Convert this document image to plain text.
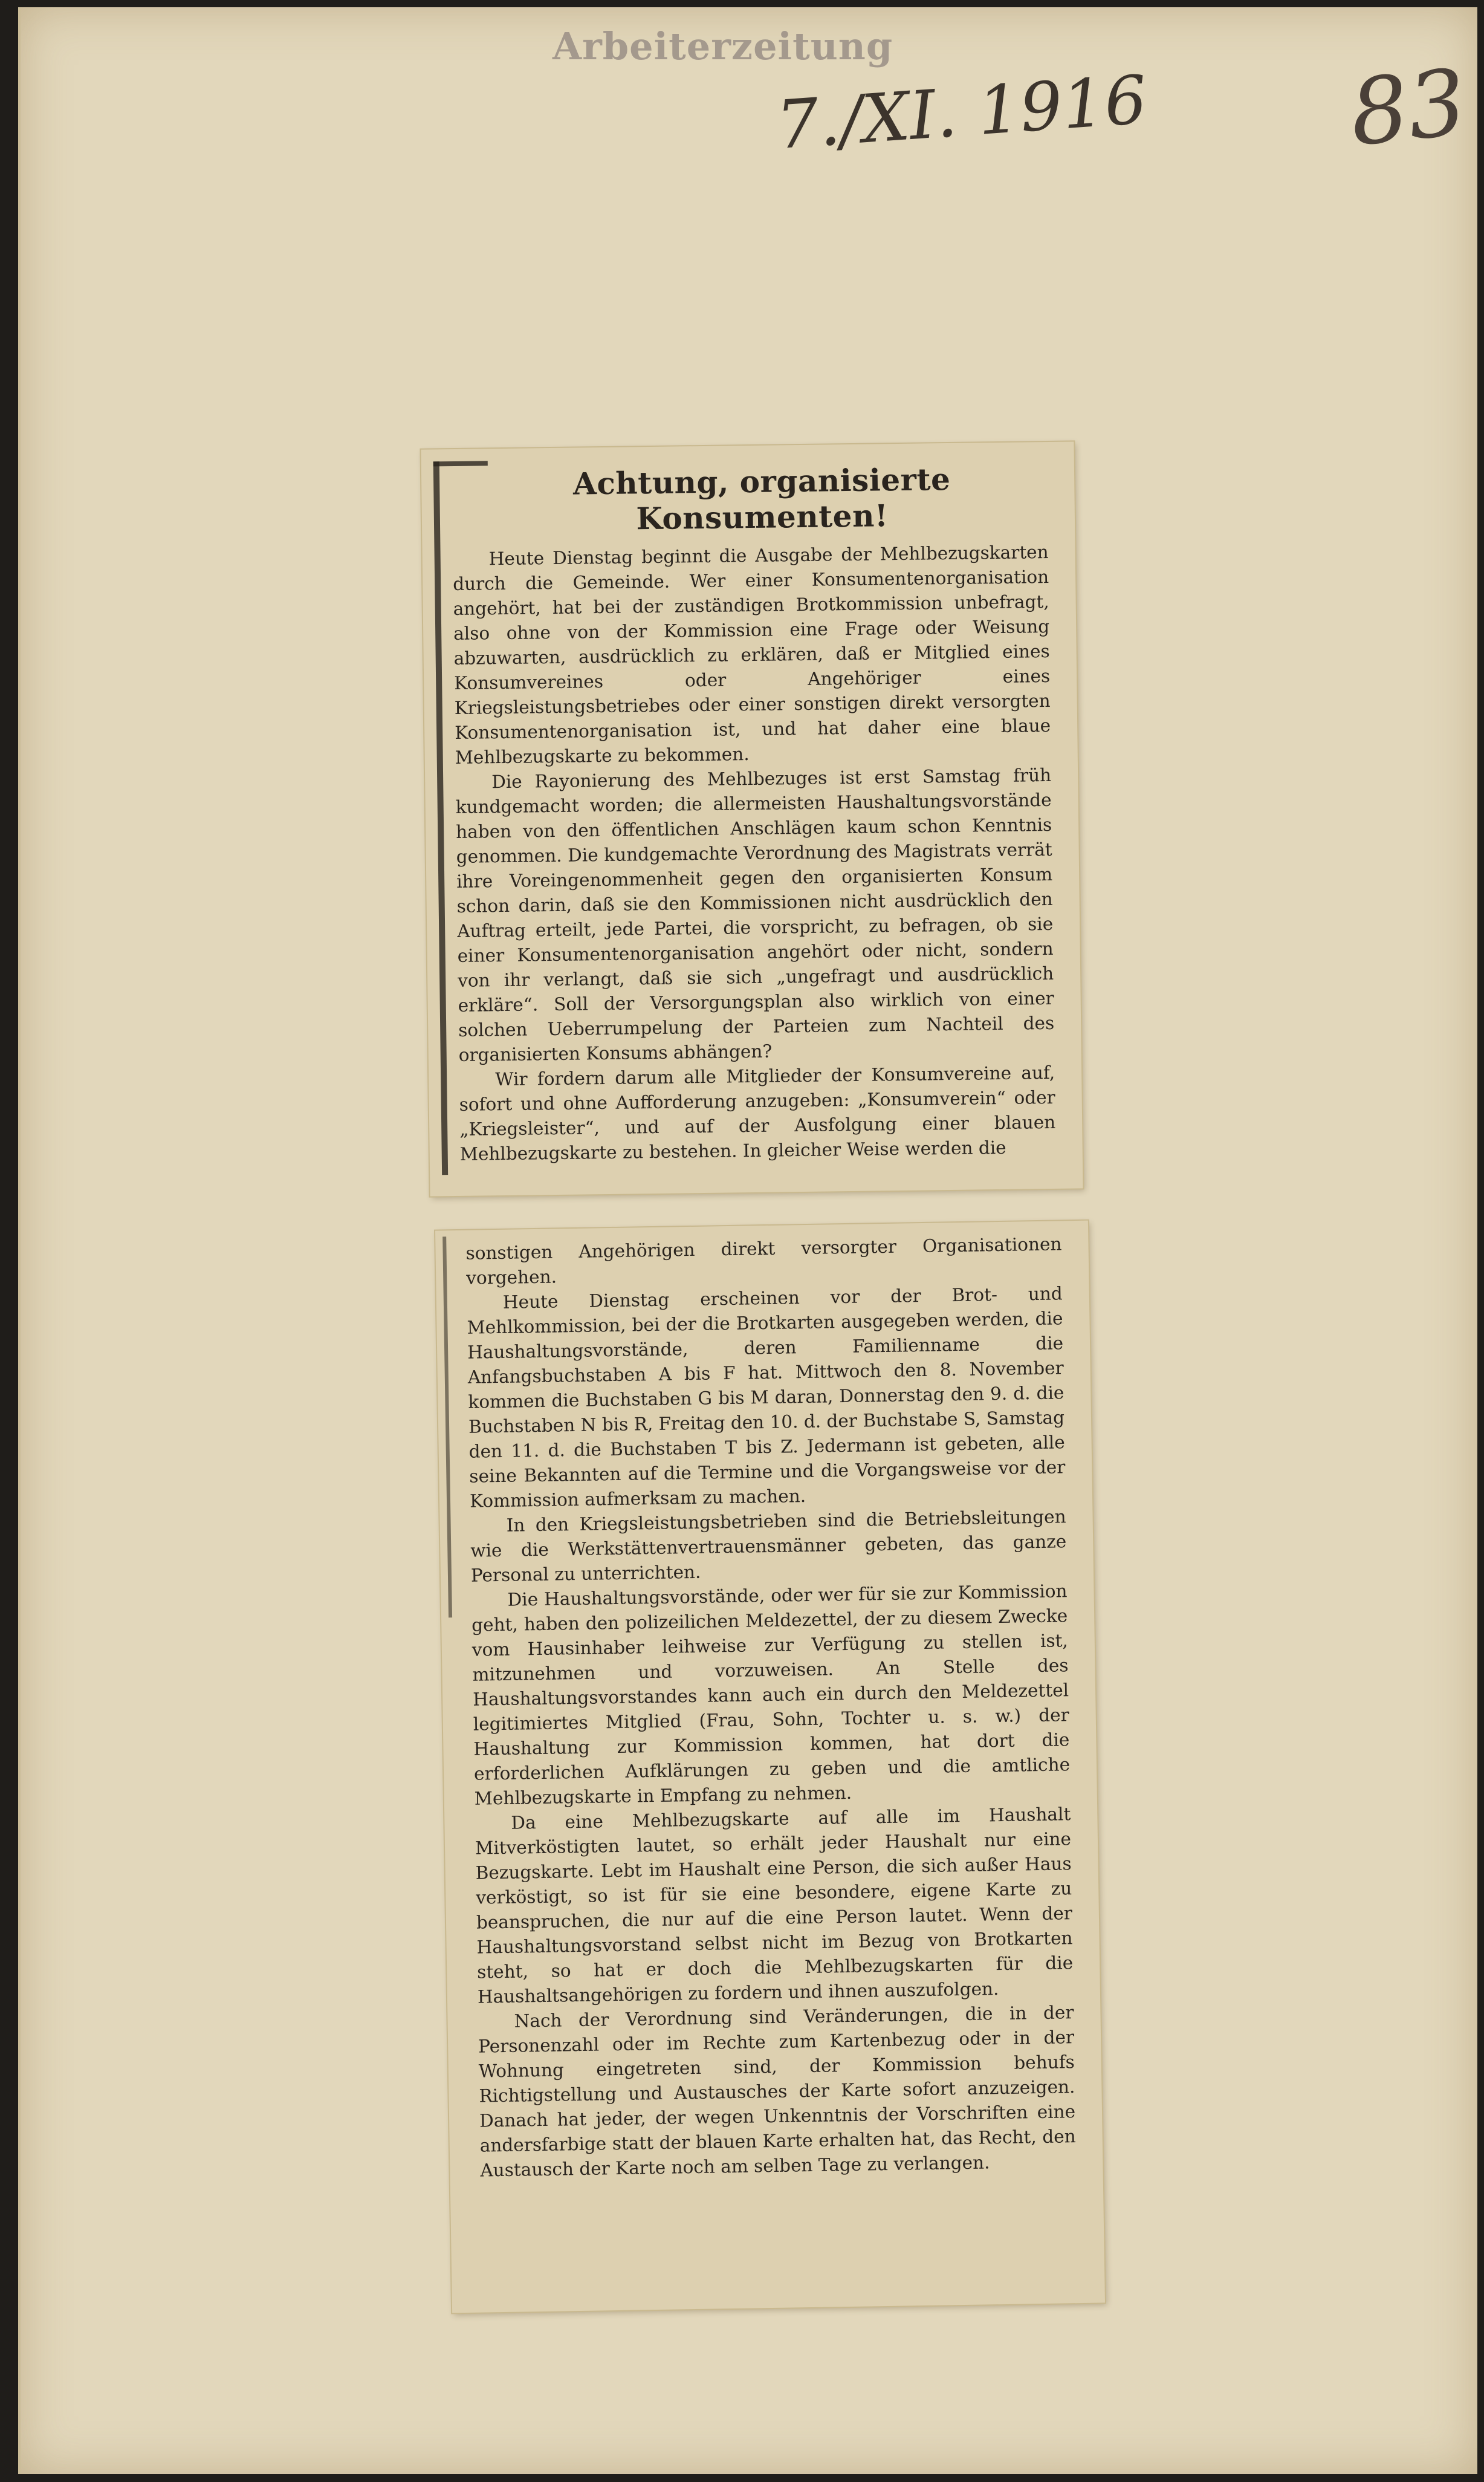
Arbeiterzeitung
7./XI. 1916 83
Achtung, organisierte Konsumenten!

Heute Dienstag beginnt die Ausgabe der Mehlbezugskarten durch die Gemeinde. Wer einer Konsumentenorganisation angehört, hat bei der zuständigen Brotkommission unbefragt, also ohne von der Kommission eine Frage oder Weisung abzuwarten, ausdrücklich zu erklären, daß er Mitglied eines Konsumvereines oder Angehöriger eines Kriegsleistungsbetriebes oder einer sonstigen direkt versorgten Konsumentenorganisation ist, und hat daher eine blaue Mehlbezugskarte zu bekommen.

Die Rayonierung des Mehlbezuges ist erst Samstag früh kundgemacht worden; die allermeisten Haushaltungsvorstände haben von den öffentlichen Anschlägen kaum schon Kenntnis genommen. Die kundgemachte Verordnung des Magistrats verrät ihre Voreingenommenheit gegen den organisierten Konsum schon darin, daß sie den Kommissionen nicht ausdrücklich den Auftrag erteilt, jede Partei, die vorspricht, zu befragen, ob sie einer Konsumentenorganisation angehört oder nicht, sondern von ihr verlangt, daß sie sich „ungefragt und ausdrücklich erkläre“. Soll der Versorgungsplan also wirklich von einer solchen Ueberrumpelung der Parteien zum Nachteil des organisierten Konsums abhängen?

Wir fordern darum alle Mitglieder der Konsumvereine auf, sofort und ohne Aufforderung anzugeben: „Konsumverein“ oder „Kriegsleister“, und auf der Ausfolgung einer blauen Mehlbezugskarte zu bestehen. In gleicher Weise werden die

sonstigen Angehörigen direkt versorgter Organisationen vorgehen.

Heute Dienstag erscheinen vor der Brot- und Mehlkommission, bei der die Brotkarten ausgegeben werden, die Haushaltungsvorstände, deren Familienname die Anfangsbuchstaben A bis F hat. Mittwoch den 8. November kommen die Buchstaben G bis M daran, Donnerstag den 9. d. die Buchstaben N bis R, Freitag den 10. d. der Buchstabe S, Samstag den 11. d. die Buchstaben T bis Z. Jedermann ist gebeten, alle seine Bekannten auf die Termine und die Vorgangsweise vor der Kommission aufmerksam zu machen.

In den Kriegsleistungsbetrieben sind die Betriebsleitungen wie die Werkstättenvertrauensmänner gebeten, das ganze Personal zu unterrichten.

Die Haushaltungsvorstände, oder wer für sie zur Kommission geht, haben den polizeilichen Meldezettel, der zu diesem Zwecke vom Hausinhaber leihweise zur Verfügung zu stellen ist, mitzunehmen und vorzuweisen. An Stelle des Haushaltungsvorstandes kann auch ein durch den Meldezettel legitimiertes Mitglied (Frau, Sohn, Tochter u. s. w.) der Haushaltung zur Kommission kommen, hat dort die erforderlichen Aufklärungen zu geben und die amtliche Mehlbezugskarte in Empfang zu nehmen.

Da eine Mehlbezugskarte auf alle im Haushalt Mitverköstigten lautet, so erhält jeder Haushalt nur eine Bezugskarte. Lebt im Haushalt eine Person, die sich außer Haus verköstigt, so ist für sie eine besondere, eigene Karte zu beanspruchen, die nur auf die eine Person lautet. Wenn der Haushaltungsvorstand selbst nicht im Bezug von Brotkarten steht, so hat er doch die Mehlbezugskarten für die Haushaltsangehörigen zu fordern und ihnen auszufolgen.

Nach der Verordnung sind Veränderungen, die in der Personenzahl oder im Rechte zum Kartenbezug oder in der Wohnung eingetreten sind, der Kommission behufs Richtigstellung und Austausches der Karte sofort anzuzeigen. Danach hat jeder, der wegen Unkenntnis der Vorschriften eine andersfarbige statt der blauen Karte erhalten hat, das Recht, den Austausch der Karte noch am selben Tage zu verlangen.
